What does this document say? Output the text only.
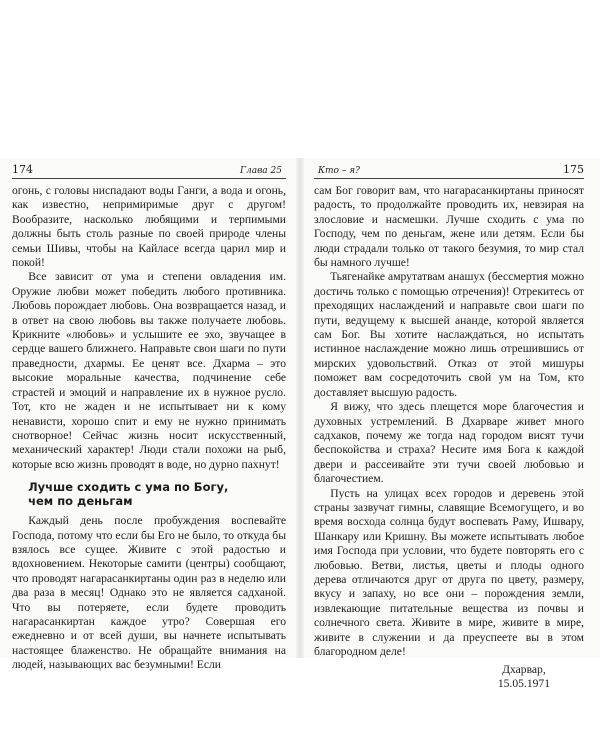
174	Глава 25

огонь, с головы ниспадают воды Ганги, а вода и огонь, как известно, непримиримые друг с другом! Вообразите, насколько любящими и терпимыми должны быть столь разные по своей природе члены семьи Шивы, чтобы на Кайласе всегда царил мир и покой!

Все зависит от ума и степени овладения им. Оружие любви может победить любого противника. Любовь порождает любовь. Она возвращается назад, и в ответ на свою любовь вы также получаете любовь. Крикните «любовь» и услышите ее эхо, звучащее в сердце вашего ближнего. Направьте свои шаги по пути праведности, дхармы. Ее ценят все. Дхарма – это высокие моральные качества, подчинение себе страстей и эмоций и направление их в нужное русло. Тот, кто не жаден и не испытывает ни к кому ненависти, хорошо спит и ему не нужно принимать снотворное! Сейчас жизнь носит искусственный, механический характер! Люди стали похожи на рыб, которые всю жизнь проводят в воде, но дурно пахнут!

Лучше сходить с ума по Богу,
чем по деньгам

Каждый день после пробуждения воспевайте Господа, потому что если бы Его не было, то откуда бы взялось все сущее. Живите с этой радостью и вдохновением. Некоторые самити (центры) сообщают, что проводят нагарасанкиртаны один раз в неделю или два раза в месяц! Однако это не является садханой. Что вы потеряете, если будете проводить нагарасанкиртан каждое утро? Совершая его ежедневно и от всей души, вы начнете испытывать настоящее блаженство. Не обращайте внимания на людей, называющих вас безумными! Если

Кто – я?	175

сам Бог говорит вам, что нагарасанкиртаны приносят радость, то продолжайте проводить их, невзирая на злословие и насмешки. Лучше сходить с ума по Господу, чем по деньгам, жене или детям. Если бы люди страдали только от такого безумия, то мир стал бы намного лучше!

Тьягенайке амрутатвам анашух (бессмертия можно достичь только с помощью отречения)! Отрекитесь от преходящих наслаждений и направьте свои шаги по пути, ведущему к высшей ананде, которой является сам Бог. Вы хотите наслаждаться, но испытать истинное наслаждение можно лишь отрешившись от мирских удовольствий. Отказ от этой мишуры поможет вам сосредоточить свой ум на Том, кто доставляет высшую радость.

Я вижу, что здесь плещется море благочестия и духовных устремлений. В Дхарваре живет много садхаков, почему же тогда над городом висят тучи беспокойства и страха? Несите имя Бога к каждой двери и рассеивайте эти тучи своей любовью и благочестием.

Пусть на улицах всех городов и деревень этой страны зазвучат гимны, славящие Всемогущего, и во время восхода солнца будут воспевать Раму, Ишвару, Шанкару или Кришну. Вы можете испытывать любое имя Господа при условии, что будете повторять его с любовью. Ветви, листья, цветы и плоды одного дерева отличаются друг от друга по цвету, размеру, вкусу и запаху, но все они – порождения земли, извлекающие питательные вещества из почвы и солнечного света. Живите в мире, живите в мире, живите в служении и да преуспеете вы в этом благородном деле!

Дхарвар,
15.05.1971
